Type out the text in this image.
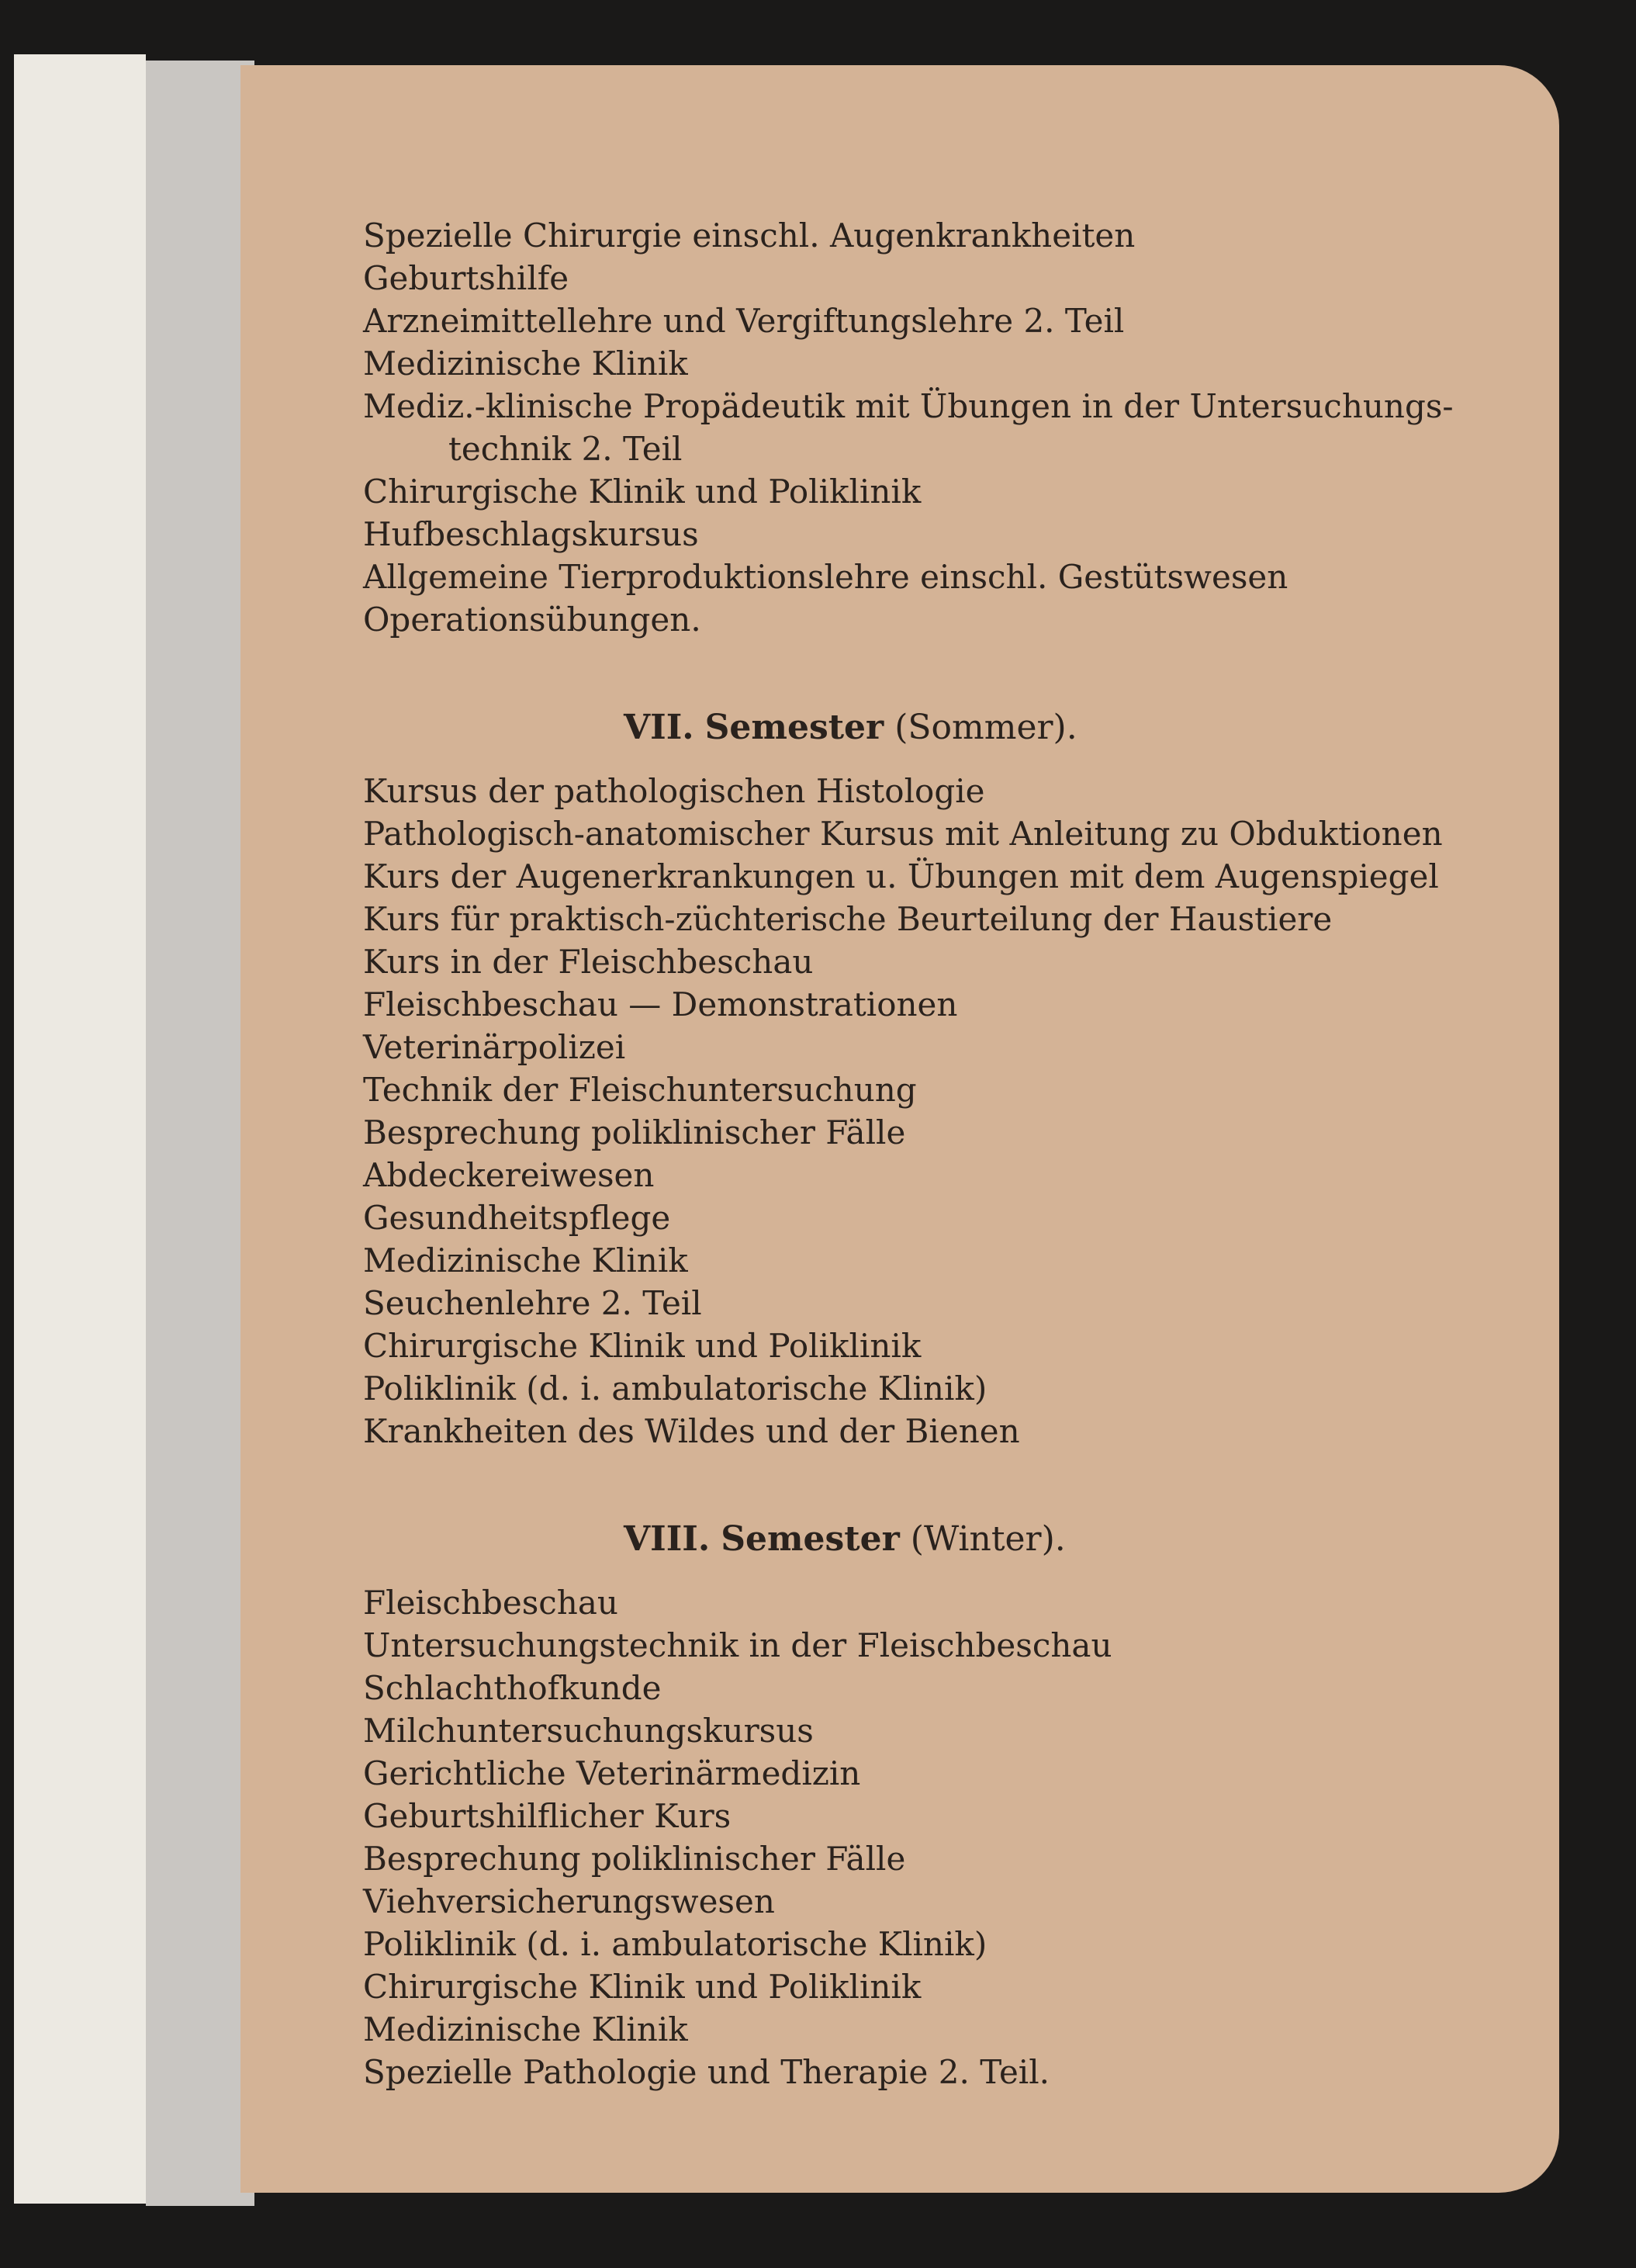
Spezielle Chirurgie einschl. Augenkrankheiten
Geburtshilfe
Arzneimittellehre und Vergiftungslehre 2. Teil
Medizinische Klinik
Mediz.-klinische Propädeutik mit Übungen in der Untersuchungs-
technik 2. Teil
Chirurgische Klinik und Poliklinik
Hufbeschlagskursus
Allgemeine Tierproduktionslehre einschl. Gestütswesen
Operationsübungen.
VII. Semester (Sommer).
Kursus der pathologischen Histologie
Pathologisch-anatomischer Kursus mit Anleitung zu Obduktionen
Kurs der Augenerkrankungen u. Übungen mit dem Augenspiegel
Kurs für praktisch-züchterische Beurteilung der Haustiere
Kurs in der Fleischbeschau
Fleischbeschau — Demonstrationen
Veterinärpolizei
Technik der Fleischuntersuchung
Besprechung poliklinischer Fälle
Abdeckereiwesen
Gesundheitspflege
Medizinische Klinik
Seuchenlehre 2. Teil
Chirurgische Klinik und Poliklinik
Poliklinik (d. i. ambulatorische Klinik)
Krankheiten des Wildes und der Bienen
VIII. Semester (Winter).
Fleischbeschau
Untersuchungstechnik in der Fleischbeschau
Schlachthofkunde
Milchuntersuchungskursus
Gerichtliche Veterinärmedizin
Geburtshilflicher Kurs
Besprechung poliklinischer Fälle
Viehversicherungswesen
Poliklinik (d. i. ambulatorische Klinik)
Chirurgische Klinik und Poliklinik
Medizinische Klinik
Spezielle Pathologie und Therapie 2. Teil.
